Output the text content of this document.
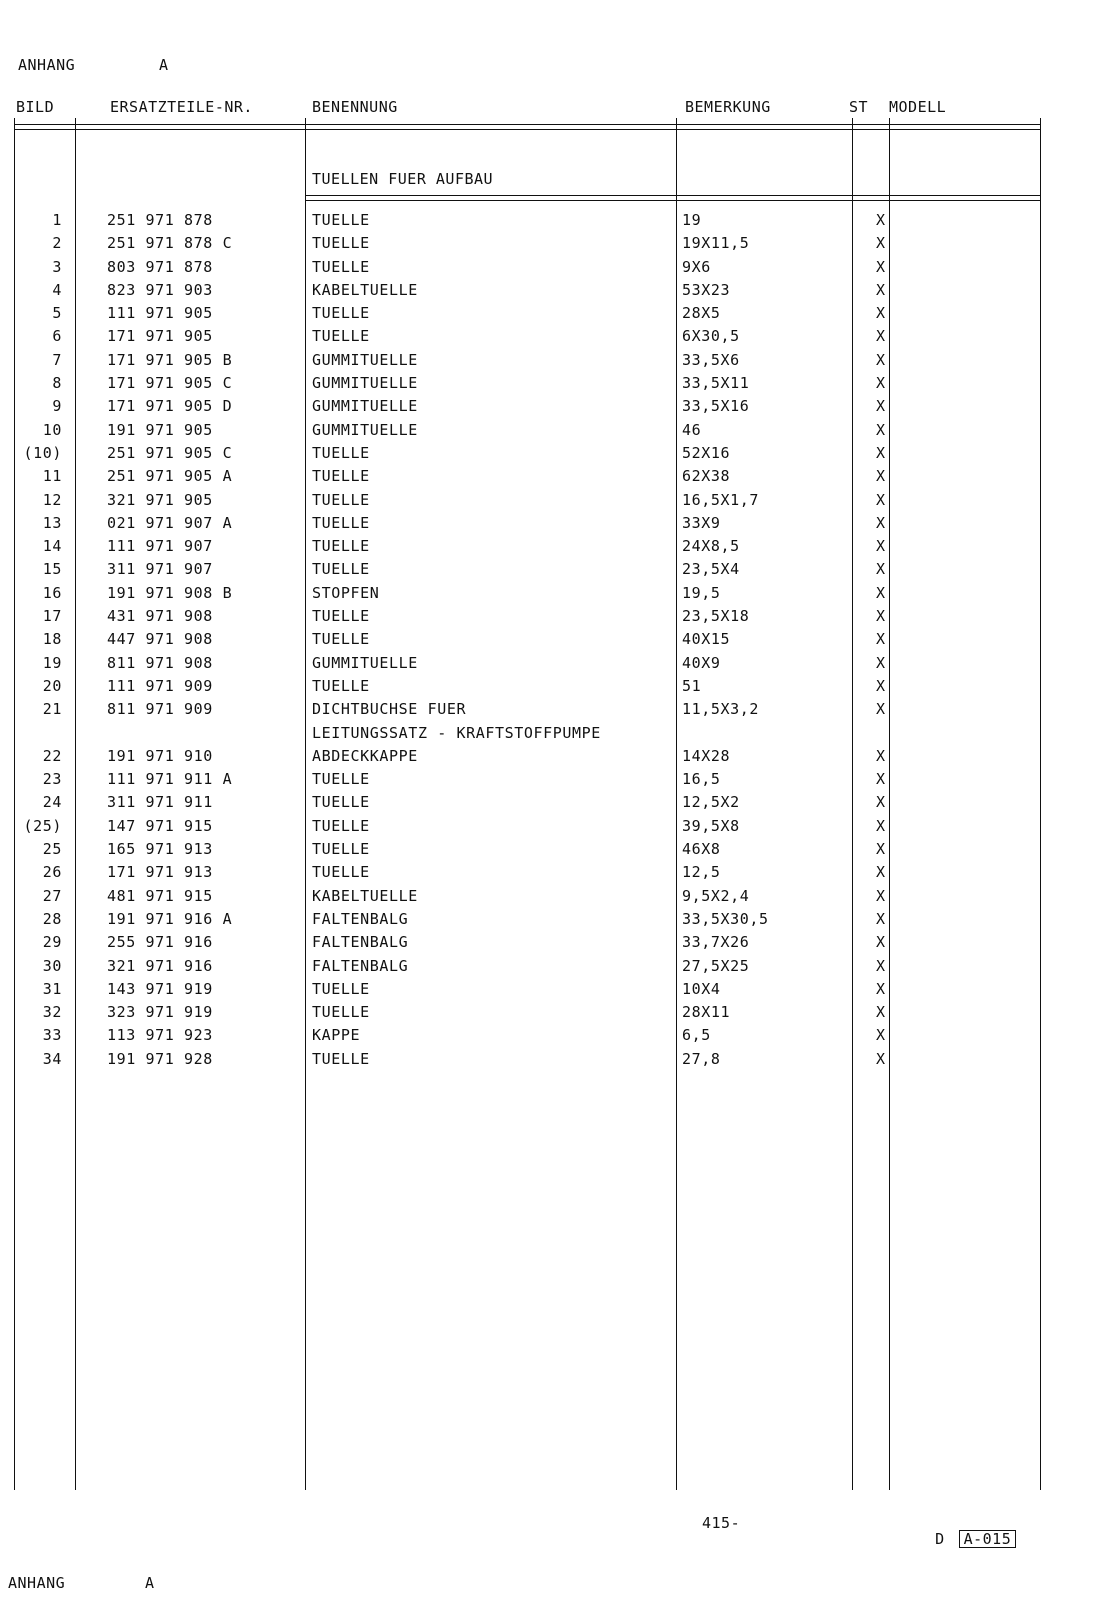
ANHANG	A
BILD	ERSATZTEILE-NR.	BENENNUNG	BEMERKUNG	ST MODELL
TUELLEN FUER AUFBAU
1	251 971 878	TUELLE	19	X
2	251 971 878 C	TUELLE	19X11,5	X
3	803 971 878	TUELLE	9X6	X
4	823 971 903	KABELTUELLE	53X23	X
5	111 971 905	TUELLE	28X5	X
6	171 971 905	TUELLE	6X30,5	X
7	171 971 905 B	GUMMITUELLE	33,5X6	X
8	171 971 905 C	GUMMITUELLE	33,5X11	X
9	171 971 905 D	GUMMITUELLE	33,5X16	X
10	191 971 905	GUMMITUELLE	46	X
(10)	251 971 905 C	TUELLE	52X16	X
11	251 971 905 A	TUELLE	62X38	X
12	321 971 905	TUELLE	16,5X1,7	X
13	021 971 907 A	TUELLE	33X9	X
14	111 971 907	TUELLE	24X8,5	X
15	311 971 907	TUELLE	23,5X4	X
16	191 971 908 B	STOPFEN	19,5	X
17	431 971 908	TUELLE	23,5X18	X
18	447 971 908	TUELLE	40X15	X
19	811 971 908	GUMMITUELLE	40X9	X
20	111 971 909	TUELLE	51	X
21	811 971 909	DICHTBUCHSE FUER	11,5X3,2	X
LEITUNGSSATZ - KRAFTSTOFFPUMPE
22	191 971 910	ABDECKKAPPE	14X28	X
23	111 971 911 A	TUELLE	16,5	X
24	311 971 911	TUELLE	12,5X2	X
(25)	147 971 915	TUELLE	39,5X8	X
25	165 971 913	TUELLE	46X8	X
26	171 971 913	TUELLE	12,5	X
27	481 971 915	KABELTUELLE	9,5X2,4	X
28	191 971 916 A	FALTENBALG	33,5X30,5	X
29	255 971 916	FALTENBALG	33,7X26	X
30	321 971 916	FALTENBALG	27,5X25	X
31	143 971 919	TUELLE	10X4	X
32	323 971 919	TUELLE	28X11	X
33	113 971 923	KAPPE	6,5	X
34	191 971 928	TUELLE	27,8	X
415-

D A-015

ANHANG	A
